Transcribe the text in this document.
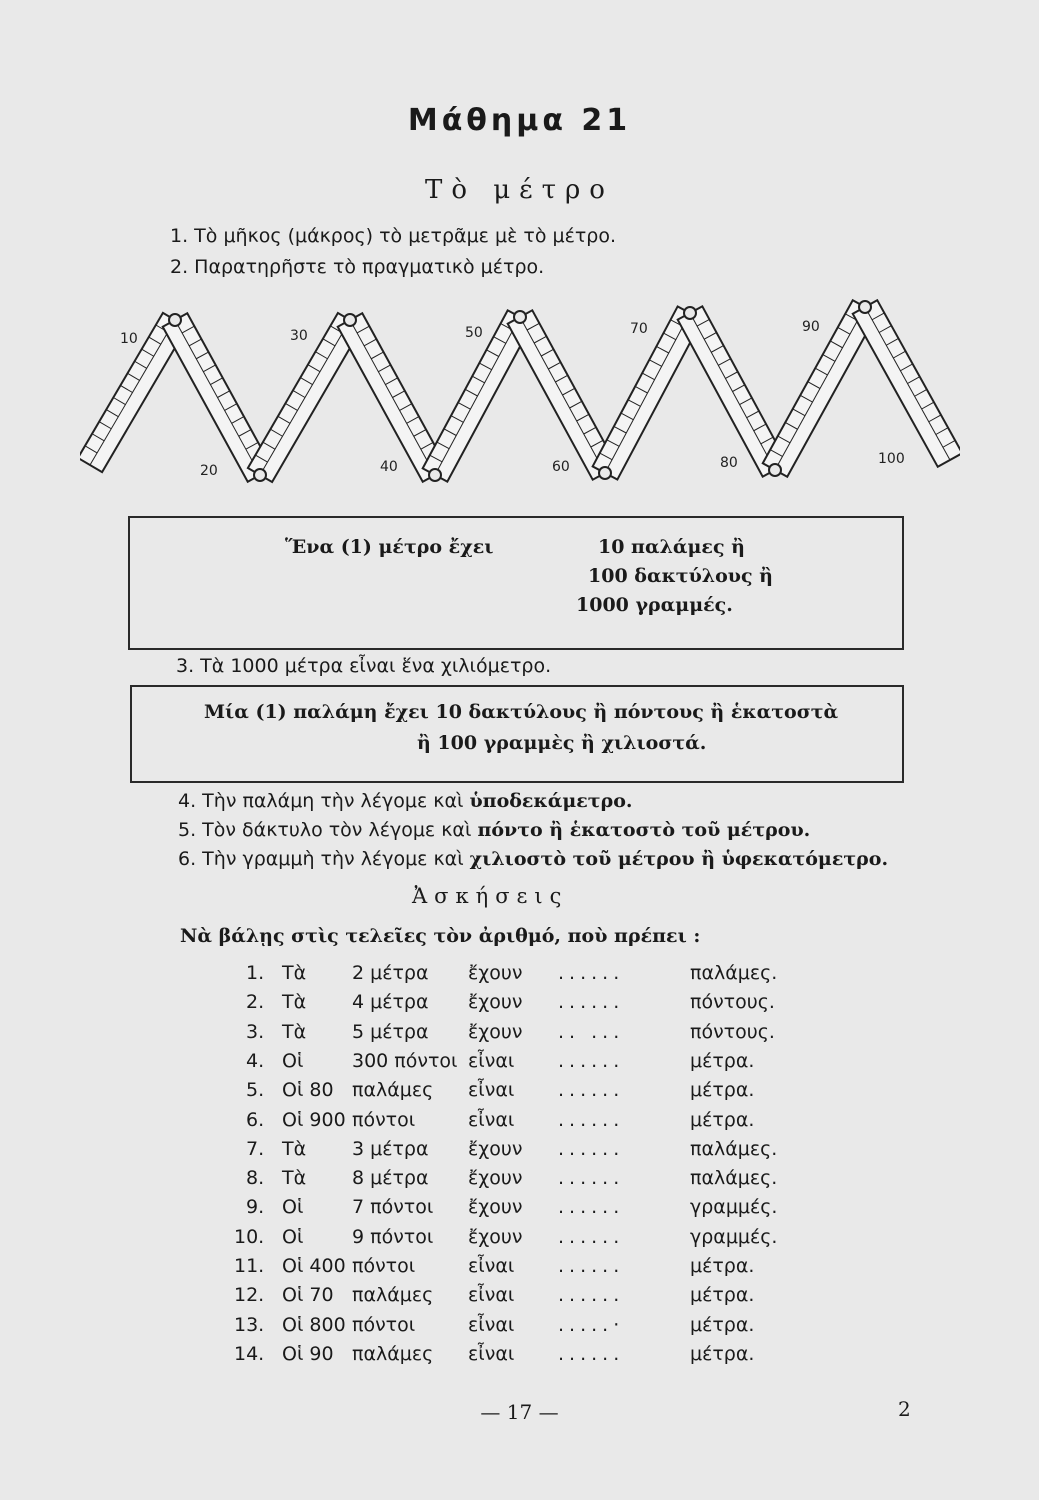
Μάθημα 21
Τὸ μέτρο
1. Τὸ μῆκος (μάκρος) τὸ μετρᾶμε μὲ τὸ μέτρο.
2. Παρατηρῆστε τὸ πραγματικὸ μέτρο.
10	30	50	70	90
20	40	60	80	100
Ἕνα (1) μέτρο ἔχει	10 παλάμες ἢ
100 δακτύλους ἢ
1000 γραμμές.
3. Τὰ 1000 μέτρα εἶναι ἕνα χιλιόμετρο.
Μία (1) παλάμη ἔχει 10 δακτύλους ἢ πόντους ἢ ἑκατοστὰ
ἢ 100 γραμμὲς ἢ χιλιοστά.
4. Τὴν παλάμη τὴν λέγομε καὶ ὑποδεκάμετρο.
5. Τὸν δάκτυλο τὸν λέγομε καὶ πόντο ἢ ἑκατοστὸ τοῦ μέτρου.
6. Τὴν γραμμὴ τὴν λέγομε καὶ χιλιοστὸ τοῦ μέτρου ἢ ὑφεκατόμετρο.
Ἀσκήσεις
Νὰ βάλῃς στὶς τελεῖες τὸν ἀριθμό, ποὺ πρέπει :
1. Τὰ 2 μέτρα ἔχουν ......	παλάμες.
2. Τὰ 4 μέτρα ἔχουν ......	πόντους.
3. Τὰ 5 μέτρα ἔχουν .. ...	πόντους.
4. Οἱ	300 πόντοι εἶναι ......	μέτρα.
5. Οἱ 80 παλάμες εἶναι ......	μέτρα.
6. Οἱ 900 πόντοι	εἶναι ......	μέτρα.
7. Τὰ 3 μέτρα ἔχουν ......	παλάμες.
8. Τὰ 8 μέτρα ἔχουν ......	παλάμες.
9. Οἱ	7 πόντοι ἔχουν ......	γραμμές.
10. Οἱ	9 πόντοι ἔχουν ......	γραμμές.
11. Οἱ 400 πόντοι	εἶναι ......	μέτρα.
12. Οἱ 70 παλάμες εἶναι ......	μέτρα.
13. Οἱ 800 πόντοι	εἶναι .....·	μέτρα.
14. Οἱ 90 παλάμες εἶναι ......	μέτρα.
— 17 —	2
